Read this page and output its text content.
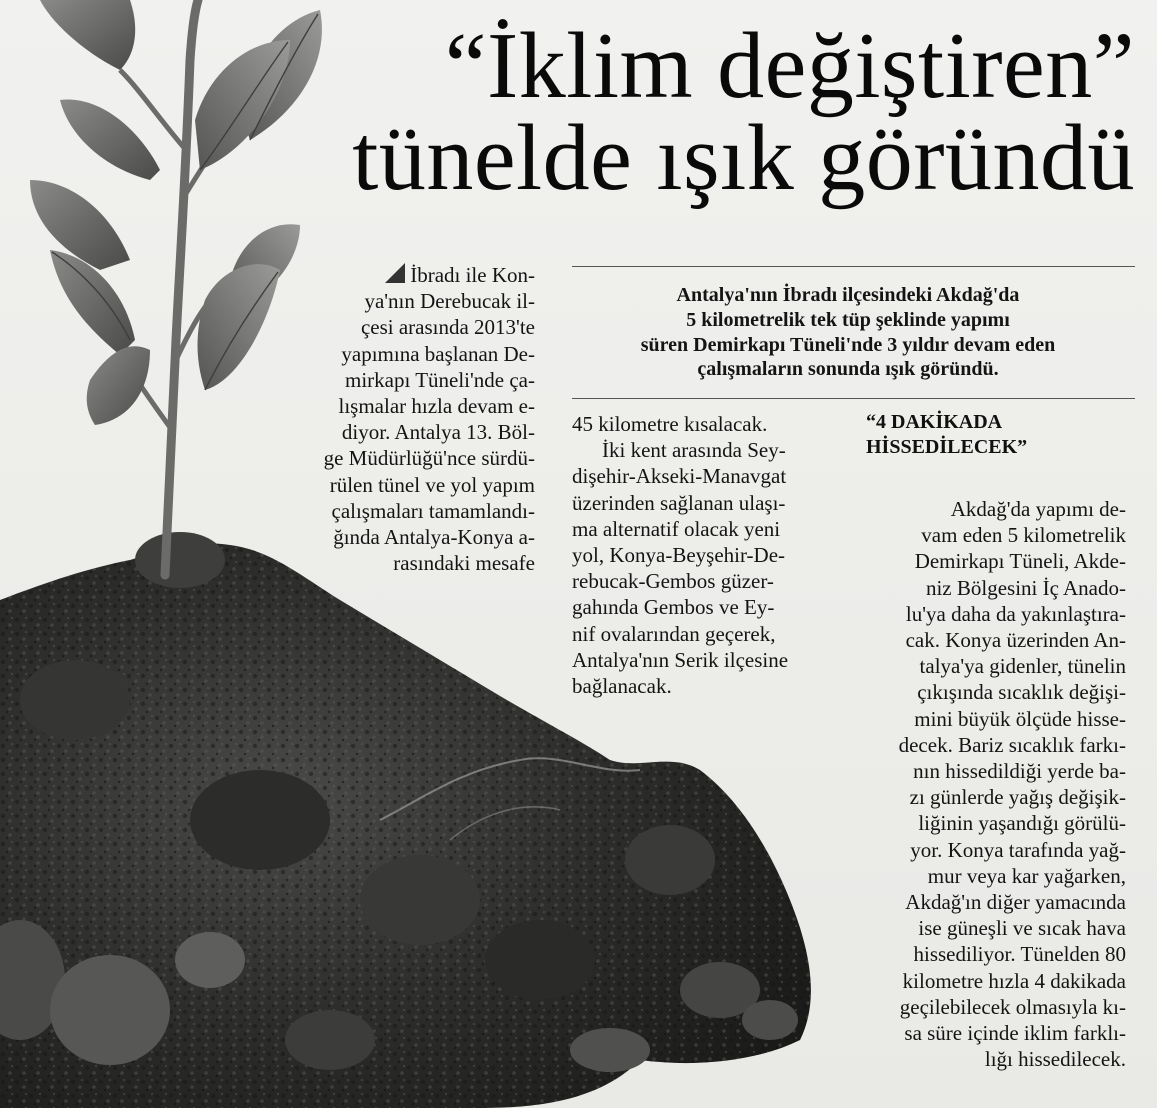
“İklim değiştiren”
tünelde ışık göründü
İbradı ile Kon-
ya'nın Derebucak il-
çesi arasında 2013'te
yapımına başlanan De-
mirkapı Tüneli'nde ça-
lışmalar hızla devam e-
diyor. Antalya 13. Böl-
ge Müdürlüğü'nce sürdü-
rülen tünel ve yol yapım
çalışmaları tamamlandı-
ğında Antalya-Konya a-
rasındaki mesafe
Antalya'nın İbradı ilçesindeki Akdağ'da
5 kilometrelik tek tüp şeklinde yapımı
süren Demirkapı Tüneli'nde 3 yıldır devam eden
çalışmaların sonunda ışık göründü.
45 kilometre kısalacak.
İki kent arasında Sey-
dişehir-Akseki-Manavgat
üzerinden sağlanan ulaşı-
ma alternatif olacak yeni
yol, Konya-Beyşehir-De-
rebucak-Gembos güzer-
gahında Gembos ve Ey-
nif ovalarından geçerek,
Antalya'nın Serik ilçesine
bağlanacak.
“4 DAKİKADA
HİSSEDİLECEK”
Akdağ'da yapımı de-
vam eden 5 kilometrelik
Demirkapı Tüneli, Akde-
niz Bölgesini İç Anado-
lu'ya daha da yakınlaştıra-
cak. Konya üzerinden An-
talya'ya gidenler, tünelin
çıkışında sıcaklık değişi-
mini büyük ölçüde hisse-
decek. Bariz sıcaklık farkı-
nın hissedildiği yerde ba-
zı günlerde yağış değişik-
liğinin yaşandığı görülü-
yor. Konya tarafında yağ-
mur veya kar yağarken,
Akdağ'ın diğer yamacında
ise güneşli ve sıcak hava
hissediliyor. Tünelden 80
kilometre hızla 4 dakikada
geçilebilecek olmasıyla kı-
sa süre içinde iklim farklı-
lığı hissedilecek.
